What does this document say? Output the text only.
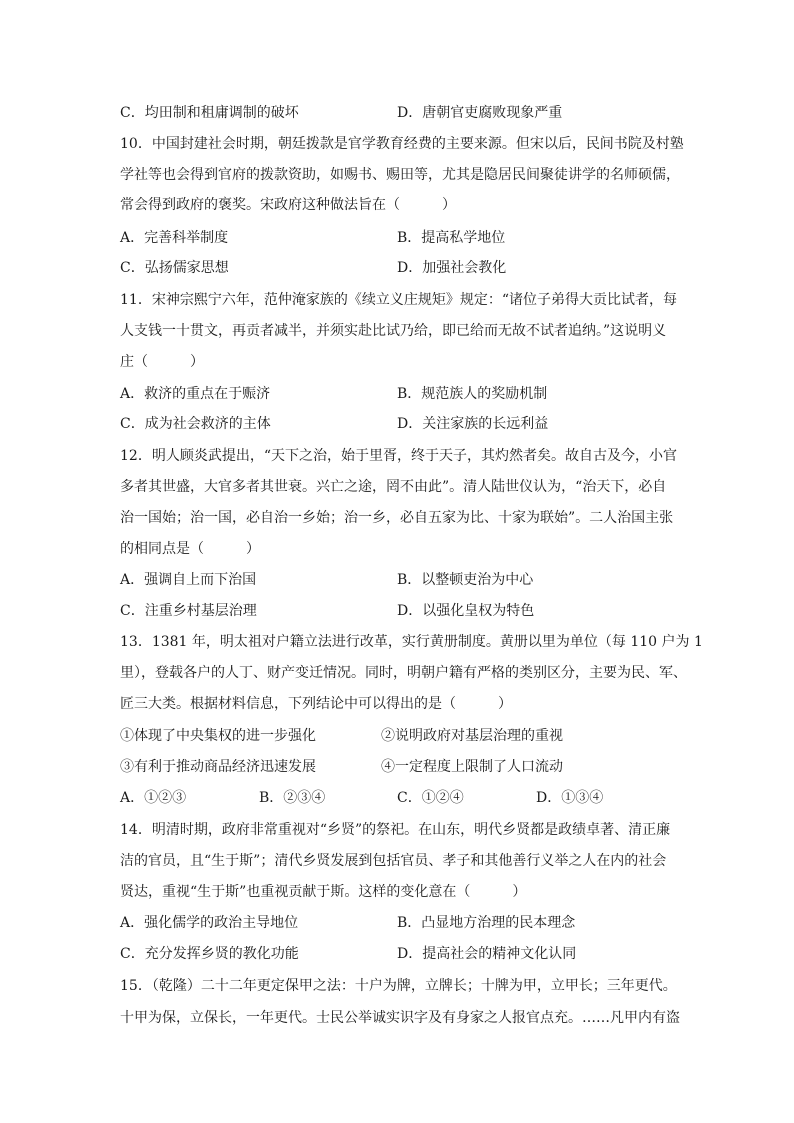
C．均田制和租庸调制的破坏	D．唐朝官吏腐败现象严重
10．中国封建社会时期，朝廷拨款是官学教育经费的主要来源。但宋以后，民间书院及村塾
学社等也会得到官府的拨款资助，如赐书、赐田等，尤其是隐居民间聚徒讲学的名师硕儒，
常会得到政府的褒奖。宋政府这种做法旨在（　　　）
A．完善科举制度	B．提高私学地位
C．弘扬儒家思想	D．加强社会教化
11．宋神宗熙宁六年，范仲淹家族的《续立义庄规矩》规定：“诸位子弟得大贡比试者，每
人支钱一十贯文，再贡者减半，并须实赴比试乃给，即已给而无故不试者追纳。”这说明义
庄（　　　）
A．救济的重点在于赈济	B．规范族人的奖励机制
C．成为社会救济的主体	D．关注家族的长远利益
12．明人顾炎武提出，“天下之治，始于里胥，终于天子，其灼然者矣。故自古及今，小官
多者其世盛，大官多者其世衰。兴亡之途，罔不由此”。清人陆世仪认为，“治天下，必自
治一国始；治一国，必自治一乡始；治一乡，必自五家为比、十家为联始”。二人治国主张
的相同点是（　　　）
A．强调自上而下治国	B．以整顿吏治为中心
C．注重乡村基层治理	D．以强化皇权为特色
13．1381 年，明太祖对户籍立法进行改革，实行黄册制度。黄册以里为单位（每 110 户为 1
里），登载各户的人丁、财产变迁情况。同时，明朝户籍有严格的类别区分，主要为民、军、
匠三大类。根据材料信息，下列结论中可以得出的是（　　　）
①体现了中央集权的进一步强化	②说明政府对基层治理的重视
③有利于推动商品经济迅速发展	④一定程度上限制了人口流动
A．①②③	B．②③④	C．①②④	D．①③④
14．明清时期，政府非常重视对“乡贤”的祭祀。在山东，明代乡贤都是政绩卓著、清正廉
洁的官员，且“生于斯”；清代乡贤发展到包括官员、孝子和其他善行义举之人在内的社会
贤达，重视“生于斯”也重视贡献于斯。这样的变化意在（　　　）
A．强化儒学的政治主导地位	B．凸显地方治理的民本理念
C．充分发挥乡贤的教化功能	D．提高社会的精神文化认同
15．（乾隆）二十二年更定保甲之法：十户为牌，立牌长；十牌为甲，立甲长；三年更代。
十甲为保，立保长，一年更代。士民公举诚实识字及有身家之人报官点充。……凡甲内有盗
